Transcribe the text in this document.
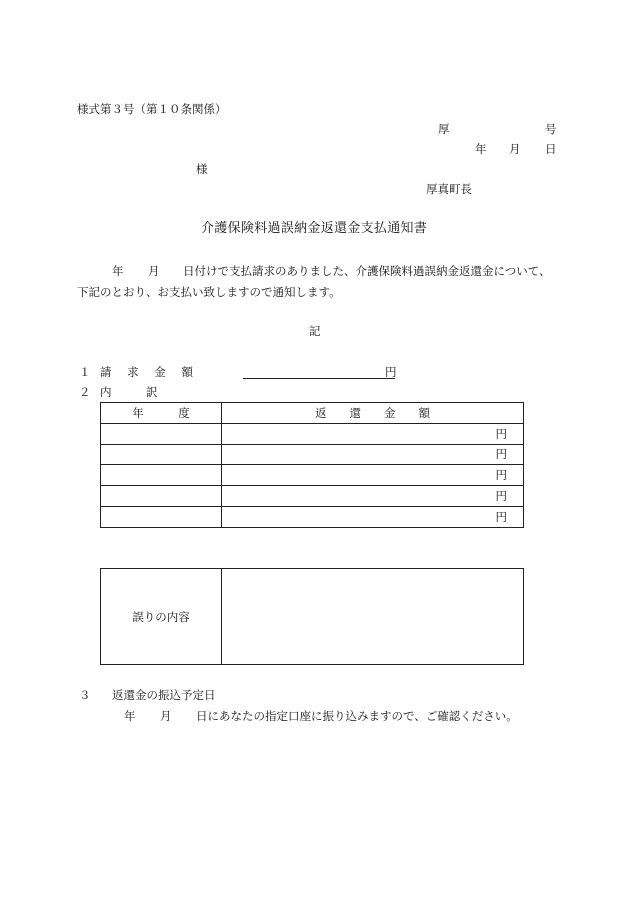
様式第３号（第１０条関係）
厚	号
年 月 日
様
厚真町長
介護保険料過誤納金返還金支払通知書
年 月 日付けで支払請求のありました、介護保険料過誤納金返還金について、
下記のとおり、お支払い致しますので通知します。
記
１ 請 求 金 額	円
２ 内　　　訳
年　　　度	返　　還　　金　　額
	円
	円
	円
	円
	円
誤りの内容
３ 返還金の振込予定日
年 月 日にあなたの指定口座に振り込みますので、ご確認ください。
